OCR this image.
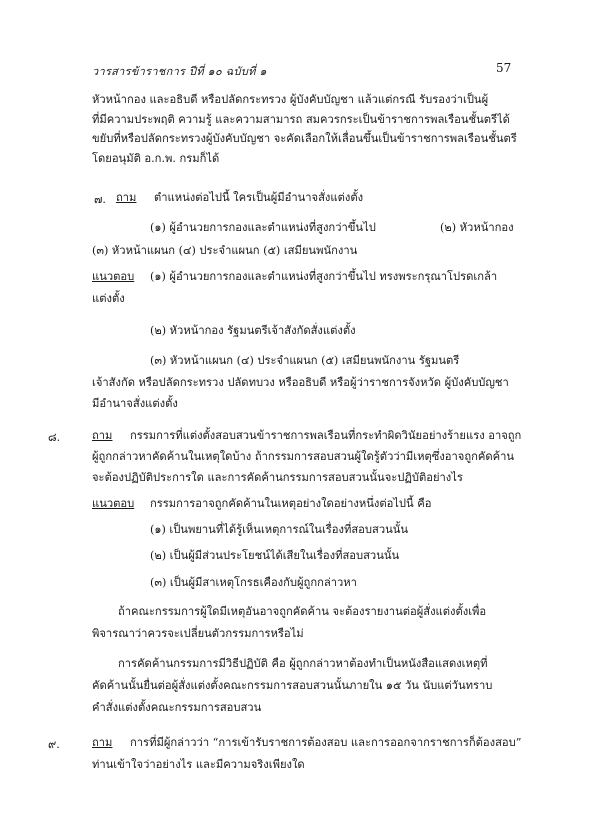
วารสารข้าราชการ ปีที่ ๑๐ ฉบับที่ ๑	57
หัวหน้ากอง และอธิบดี หรือปลัดกระทรวง ผู้บังคับบัญชา แล้วแต่กรณี รับรองว่าเป็นผู้
ที่มีความประพฤติ ความรู้ และความสามารถ สมควรกระเป็นข้าราชการพลเรือนชั้นตรีได้
ขยับที่หรือปลัดกระทรวงผู้บังคับบัญชา จะคัดเลือกให้เลื่อนขึ้นเป็นข้าราชการพลเรือนชั้นตรี
โดยอนุมัติ อ.ก.พ. กรมก็ได้
๗. ถาม ตำแหน่งต่อไปนี้ ใครเป็นผู้มีอำนาจสั่งแต่งตั้ง
(๑) ผู้อำนวยการกองและตำแหน่งที่สูงกว่าขึ้นไป	(๒) หัวหน้ากอง
(๓) หัวหน้าแผนก (๔) ประจำแผนก (๕) เสมียนพนักงาน
แนวตอบ (๑) ผู้อำนวยการกองและตำแหน่งที่สูงกว่าขึ้นไป ทรงพระกรุณาโปรดเกล้า
แต่งตั้ง
(๒) หัวหน้ากอง รัฐมนตรีเจ้าสังกัดสั่งแต่งตั้ง
(๓) หัวหน้าแผนก (๔) ประจำแผนก (๕) เสมียนพนักงาน รัฐมนตรี
เจ้าสังกัด หรือปลัดกระทรวง ปลัดทบวง หรืออธิบดี หรือผู้ว่าราชการจังหวัด ผู้บังคับบัญชา
มีอำนาจสั่งแต่งตั้ง
๘.	ถาม กรรมการที่แต่งตั้งสอบสวนข้าราชการพลเรือนที่กระทำผิดวินัยอย่างร้ายแรง อาจถูก
ผู้ถูกกล่าวหาคัดค้านในเหตุใดบ้าง ถ้ากรรมการสอบสวนผู้ใดรู้ตัวว่ามีเหตุซึ่งอาจถูกคัดค้าน
จะต้องปฏิบัติประการใด และการคัดค้านกรรมการสอบสวนนั้นจะปฏิบัติอย่างไร
แนวตอบ กรรมการอาจถูกคัดค้านในเหตุอย่างใดอย่างหนึ่งต่อไปนี้ คือ
(๑) เป็นพยานที่ได้รู้เห็นเหตุการณ์ในเรื่องที่สอบสวนนั้น
(๒) เป็นผู้มีส่วนประโยชน์ได้เสียในเรื่องที่สอบสวนนั้น
(๓) เป็นผู้มีสาเหตุโกรธเคืองกับผู้ถูกกล่าวหา
ถ้าคณะกรรมการผู้ใดมีเหตุอันอาจถูกคัดค้าน จะต้องรายงานต่อผู้สั่งแต่งตั้งเพื่อ
พิจารณาว่าควรจะเปลี่ยนตัวกรรมการหรือไม่
การคัดค้านกรรมการมีวิธีปฏิบัติ คือ ผู้ถูกกล่าวหาต้องทำเป็นหนังสือแสดงเหตุที่
คัดค้านนั้นยื่นต่อผู้สั่งแต่งตั้งคณะกรรมการสอบสวนนั้นภายใน ๑๕ วัน นับแต่วันทราบ
คำสั่งแต่งตั้งคณะกรรมการสอบสวน
๙.	ถาม การที่มีผู้กล่าวว่า “การเข้ารับราชการต้องสอบ และการออกจากราชการก็ต้องสอบ”
ท่านเข้าใจว่าอย่างไร และมีความจริงเพียงใด
